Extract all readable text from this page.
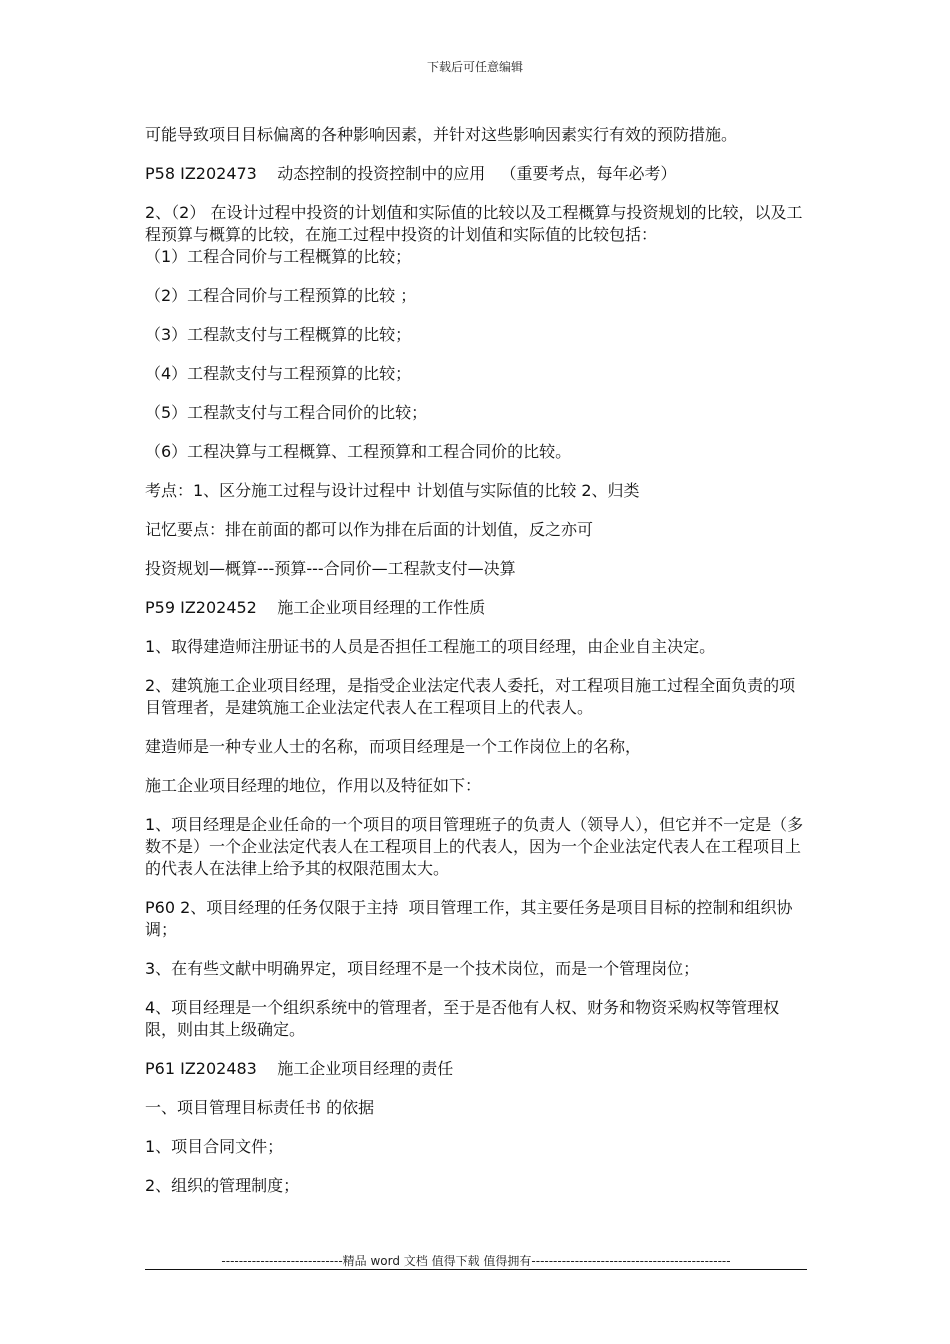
下载后可任意编辑

可能导致项目目标偏离的各种影响因素，并针对这些影响因素实行有效的预防措施。

P58 IZ202473    动态控制的投资控制中的应用   （重要考点，每年必考）

2、（2） 在设计过程中投资的计划值和实际值的比较以及工程概算与投资规划的比较，以及工程预算与概算的比较，在施工过程中投资的计划值和实际值的比较包括：

（1）工程合同价与工程概算的比较；

（2）工程合同价与工程预算的比较 ；

（3）工程款支付与工程概算的比较；

（4）工程款支付与工程预算的比较；

（5）工程款支付与工程合同价的比较；

（6）工程决算与工程概算、工程预算和工程合同价的比较。

考点：1、区分施工过程与设计过程中 计划值与实际值的比较 2、归类

记忆要点：排在前面的都可以作为排在后面的计划值，反之亦可

投资规划—概算---预算---合同价—工程款支付—决算

P59 IZ202452    施工企业项目经理的工作性质

1、取得建造师注册证书的人员是否担任工程施工的项目经理，由企业自主决定。

2、建筑施工企业项目经理，是指受企业法定代表人委托，对工程项目施工过程全面负责的项目管理者，是建筑施工企业法定代表人在工程项目上的代表人。

建造师是一种专业人士的名称，而项目经理是一个工作岗位上的名称，

施工企业项目经理的地位，作用以及特征如下：

1、项目经理是企业任命的一个项目的项目管理班子的负责人（领导人），但它并不一定是（多数不是）一个企业法定代表人在工程项目上的代表人，因为一个企业法定代表人在工程项目上的代表人在法律上给予其的权限范围太大。

P60 2、项目经理的任务仅限于主持  项目管理工作，其主要任务是项目目标的控制和组织协调；

3、在有些文献中明确界定，项目经理不是一个技术岗位，而是一个管理岗位；

4、项目经理是一个组织系统中的管理者，至于是否他有人权、财务和物资采购权等管理权限，则由其上级确定。

P61 IZ202483    施工企业项目经理的责任

一、项目管理目标责任书 的依据

1、项目合同文件；

2、组织的管理制度；

----------------------------精品 word 文档 值得下载 值得拥有----------------------------------------------
